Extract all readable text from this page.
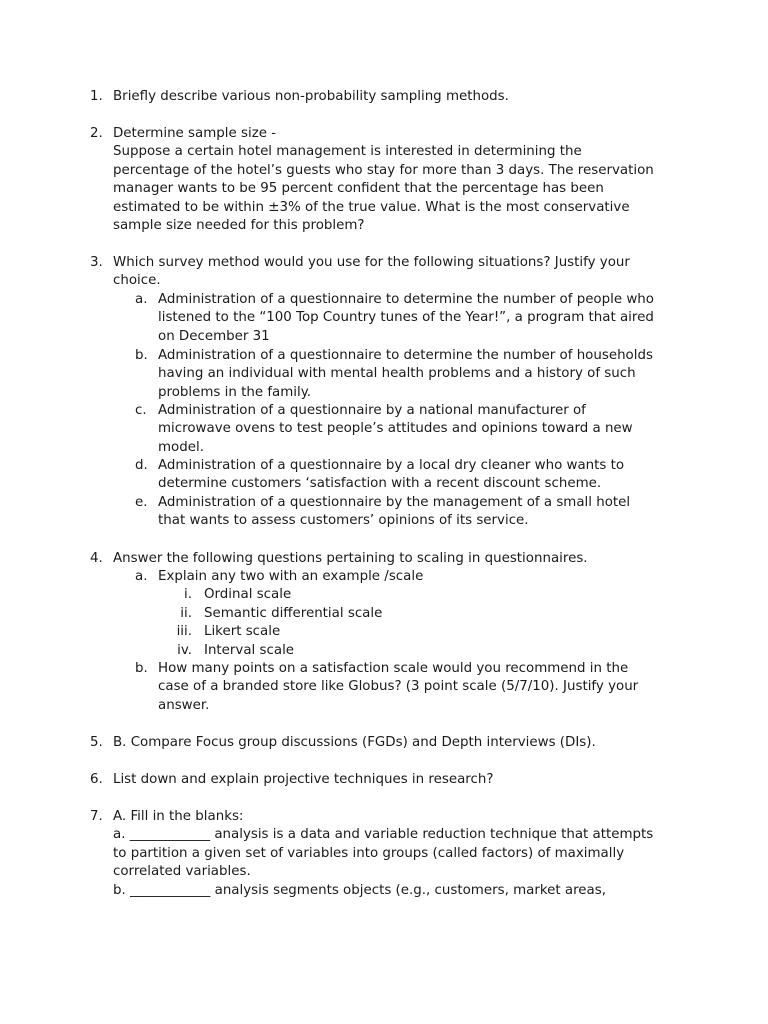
1. Briefly describe various non-probability sampling methods.
2. Determine sample size -
Suppose a certain hotel management is interested in determining the
percentage of the hotel’s guests who stay for more than 3 days. The reservation
manager wants to be 95 percent confident that the percentage has been
estimated to be within ±3% of the true value. What is the most conservative
sample size needed for this problem?
3. Which survey method would you use for the following situations? Justify your
choice.
a. Administration of a questionnaire to determine the number of people who
listened to the “100 Top Country tunes of the Year!”, a program that aired
on December 31
b. Administration of a questionnaire to determine the number of households
having an individual with mental health problems and a history of such
problems in the family.
c. Administration of a questionnaire by a national manufacturer of
microwave ovens to test people’s attitudes and opinions toward a new
model.
d. Administration of a questionnaire by a local dry cleaner who wants to
determine customers ‘satisfaction with a recent discount scheme.
e. Administration of a questionnaire by the management of a small hotel
that wants to assess customers’ opinions of its service.
4. Answer the following questions pertaining to scaling in questionnaires.
a. Explain any two with an example /scale
i. Ordinal scale
ii. Semantic differential scale
iii. Likert scale
iv. Interval scale
b. How many points on a satisfaction scale would you recommend in the
case of a branded store like Globus? (3 point scale (5/7/10). Justify your
answer.
5. B. Compare Focus group discussions (FGDs) and Depth interviews (DIs).
6. List down and explain projective techniques in research?
7. A. Fill in the blanks:
a. ____________ analysis is a data and variable reduction technique that attempts
to partition a given set of variables into groups (called factors) of maximally
correlated variables.
b. ____________ analysis segments objects (e.g., customers, market areas,
